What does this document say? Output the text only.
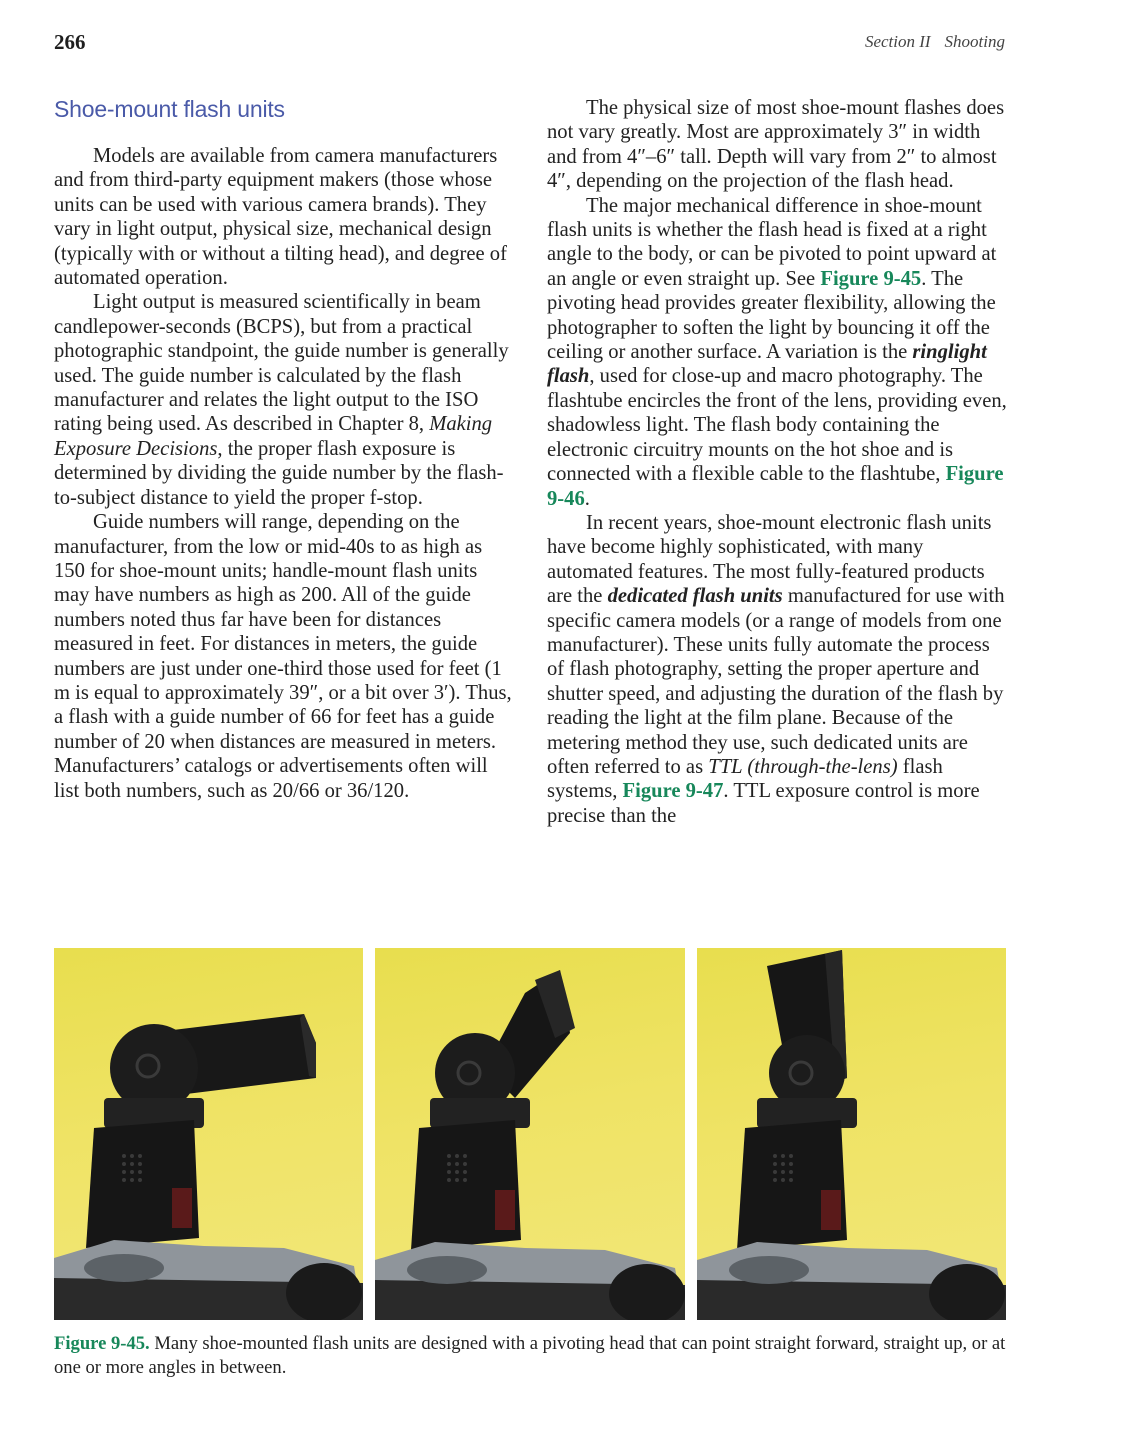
266	Section II Shooting
Shoe-mount flash units

Models are available from camera manufacturers and from third-party equipment makers (those whose units can be used with various camera brands). They vary in light output, physical size, mechanical design (typically with or without a tilting head), and degree of automated operation.

Light output is measured scientifically in beam candlepower-seconds (BCPS), but from a practical photographic standpoint, the guide number is generally used. The guide number is calculated by the flash manufacturer and relates the light output to the ISO rating being used. As described in Chapter 8, Making Exposure Decisions, the proper flash exposure is determined by dividing the guide number by the flash-to-subject distance to yield the proper f-stop.

Guide numbers will range, depending on the manufacturer, from the low or mid-40s to as high as 150 for shoe-mount units; handle-mount flash units may have numbers as high as 200. All of the guide numbers noted thus far have been for distances measured in feet. For distances in meters, the guide numbers are just under one-third those used for feet (1 m is equal to approximately 39″, or a bit over 3′). Thus, a flash with a guide number of 66 for feet has a guide number of 20 when distances are measured in meters. Manufacturers’ catalogs or advertisements often will list both numbers, such as 20/66 or 36/120.

The physical size of most shoe-mount flashes does not vary greatly. Most are approximately 3″ in width and from 4″–6″ tall. Depth will vary from 2″ to almost 4″, depending on the projection of the flash head.

The major mechanical difference in shoe-mount flash units is whether the flash head is fixed at a right angle to the body, or can be pivoted to point upward at an angle or even straight up. See Figure 9-45. The pivoting head provides greater flexibility, allowing the photographer to soften the light by bouncing it off the ceiling or another surface. A variation is the ringlight flash, used for close-up and macro photography. The flashtube encircles the front of the lens, providing even, shadowless light. The flash body containing the electronic circuitry mounts on the hot shoe and is connected with a flexible cable to the flashtube, Figure 9-46.

In recent years, shoe-mount electronic flash units have become highly sophisticated, with many automated features. The most fully-featured products are the dedicated flash units manufactured for use with specific camera models (or a range of models from one manufacturer). These units fully automate the process of flash photography, setting the proper aperture and shutter speed, and adjusting the duration of the flash by reading the light at the film plane. Because of the metering method they use, such dedicated units are often referred to as TTL (through-the-lens) flash systems, Figure 9-47. TTL exposure control is more precise than the

Figure 9-45. Many shoe-mounted flash units are designed with a pivoting head that can point straight forward, straight up, or at one or more angles in between.
